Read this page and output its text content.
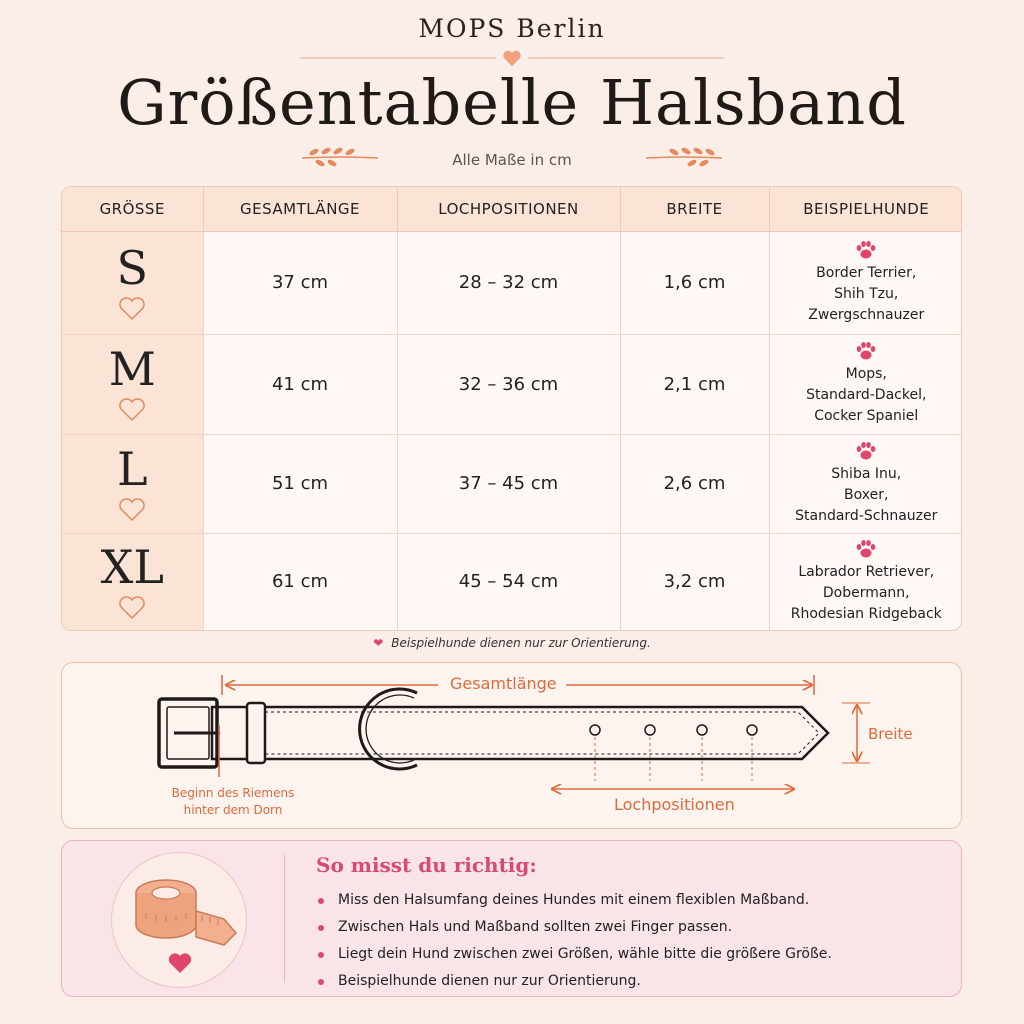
MOPS Berlin
Größentabelle Halsband
Alle Maße in cm
GRÖSSE	GESAMTLÄNGE	LOCHPOSITIONEN	BREITE	BEISPIELHUNDE

S	37 cm	28 – 32 cm	1,6 cm	Border Terrier,
Shih Tzu,
Zwergschnauzer

M	41 cm	32 – 36 cm	2,1 cm	Mops,
Standard-Dackel,
Cocker Spaniel

L	51 cm	37 – 45 cm	2,6 cm	Shiba Inu,
Boxer,
Standard-Schnauzer

XL	61 cm	45 – 54 cm	3,2 cm	Labrador Retriever,
Dobermann,
Rhodesian Ridgeback
❤ Beispielhunde dienen nur zur Orientierung.
Gesamtlänge
Breite
Lochpositionen
Beginn des Riemens
hinter dem Dorn
So misst du richtig:
Miss den Halsumfang deines Hundes mit einem flexiblen Maßband.
Zwischen Hals und Maßband sollten zwei Finger passen.
Liegt dein Hund zwischen zwei Größen, wähle bitte die größere Größe.
Beispielhunde dienen nur zur Orientierung.
